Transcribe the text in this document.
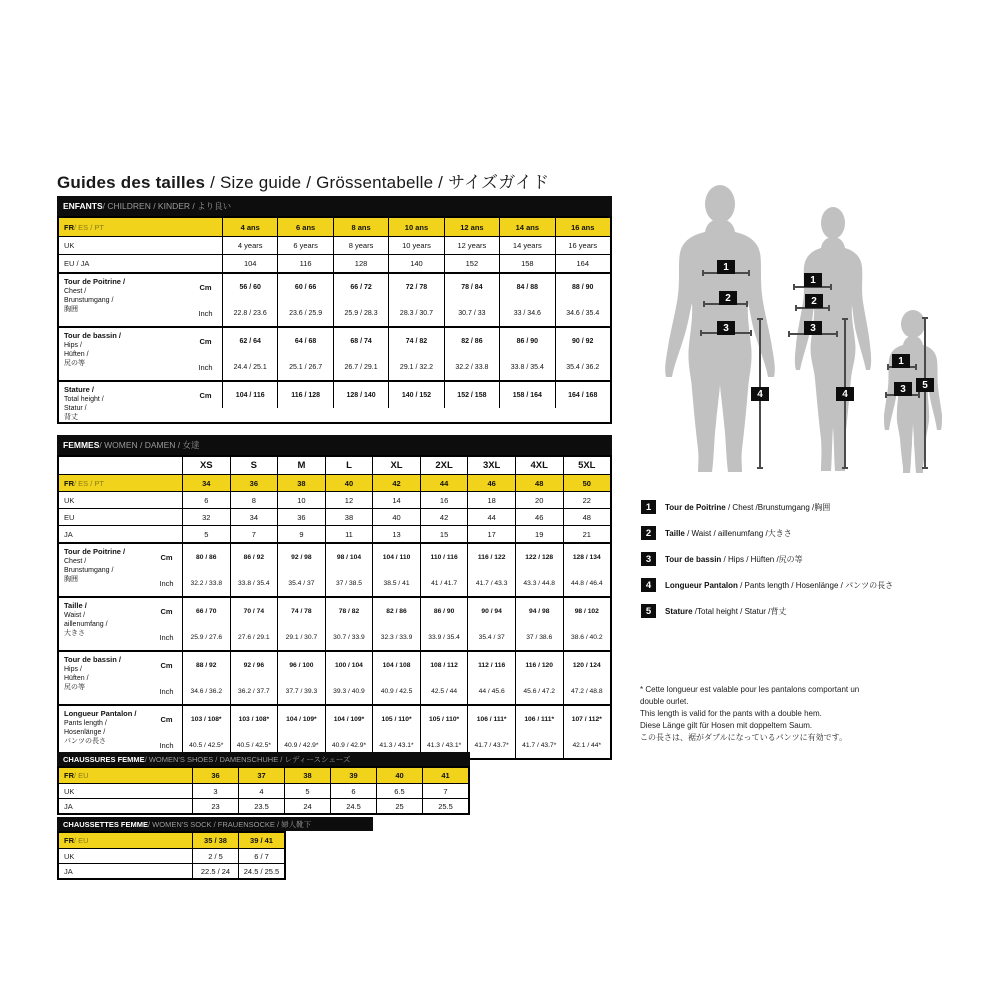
Guides des tailles / Size guide / Grössentabelle / サイズガイド
ENFANTS / CHILDREN / KINDER / より良い
FR / ES / PT	4 ans	6 ans	8 ans	10 ans	12 ans	14 ans	16 ans
UK	4 years	6 years	8 years	10 years	12 years	14 years	16 years
EU / JA	104	116	128	140	152	158	164
Tour de Poitrine /
Chest /
Brunstumgang /
胸囲
Cm	56 / 60	60 / 66	66 / 72	72 / 78	78 / 84	84 / 88	88 / 90
Inch	22.8 / 23.6	23.6 / 25.9	25.9 / 28.3	28.3 / 30.7	30.7 / 33	33 / 34.6	34.6 / 35.4
Tour de bassin /
Hips /
Hüften /
尻の等
Cm	62 / 64	64 / 68	68 / 74	74 / 82	82 / 86	86 / 90	90 / 92
Inch	24.4 / 25.1	25.1 / 26.7	26.7 / 29.1	29.1 / 32.2	32.2 / 33.8	33.8 / 35.4	35.4 / 36.2
Stature /
Total height /
Statur /
背丈
Cm	104 / 116	116 / 128	128 / 140	140 / 152	152 / 158	158 / 164	164 / 168
FEMMES / WOMEN / DAMEN / 女達
XS	S	M	L	XL	2XL	3XL	4XL	5XL
FR / ES / PT	34	36	38	40	42	44	46	48	50
UK	6	8	10	12	14	16	18	20	22
EU	32	34	36	38	40	42	44	46	48
JA	5	7	9	11	13	15	17	19	21
Tour de Poitrine /
Chest /
Brunstumgang /
胸囲
Cm	80 / 86	86 / 92	92 / 98	98 / 104	104 / 110	110 / 116	116 / 122	122 / 128	128 / 134
Inch	32.2 / 33.8	33.8 / 35.4	35.4 / 37	37 / 38.5	38.5 / 41	41 / 41.7	41.7 / 43.3	43.3 / 44.8	44.8 / 46.4
Taille /
Waist /
aillenumfang /
大きさ
Cm	66 / 70	70 / 74	74 / 78	78 / 82	82 / 86	86 / 90	90 / 94	94 / 98	98 / 102
Inch	25.9 / 27.6	27.6 / 29.1	29.1 / 30.7	30.7 / 33.9	32.3 / 33.9	33.9 / 35.4	35.4 / 37	37 / 38.6	38.6 / 40.2
Tour de bassin /
Hips /
Hüften /
尻の等
Cm	88 / 92	92 / 96	96 / 100	100 / 104	104 / 108	108 / 112	112 / 116	116 / 120	120 / 124
Inch	34.6 / 36.2	36.2 / 37.7	37.7 / 39.3	39.3 / 40.9	40.9 / 42.5	42.5 / 44	44 / 45.6	45.6 / 47.2	47.2 / 48.8
Longueur Pantalon /
Pants length /
Hosenlänge /
パンツの長さ
Cm	103 / 108*	103 / 108*	104 / 109*	104 / 109*	105 / 110*	105 / 110*	106 / 111*	106 / 111*	107 / 112*
Inch	40.5 / 42.5*	40.5 / 42.5*	40.9 / 42.9*	40.9 / 42.9*	41.3 / 43.1*	41.3 / 43.1*	41.7 / 43.7*	41.7 / 43.7*	42.1 / 44*
CHAUSSURES FEMME / WOMEN'S SHOES / DAMENSCHUHE / レディースシューズ
FR / EU	36	37	38	39	40	41
UK	3	4	5	6	6.5	7
JA	23	23.5	24	24.5	25	25.5
CHAUSSETTES FEMME / WOMEN'S SOCK / FRAUENSOCKE / 婦人靴下
FR / EU	35 / 38	39 / 41
UK	2 / 5	6 / 7
JA	22.5 / 24	24.5 / 25.5
1
2
3
4
1
2
3
4
1
3	5
1	Tour de Poitrine / Chest /Brunstumgang /胸囲
2	Taille / Waist / aillenumfang /大きさ
3	Tour de bassin / Hips / Hüften /尻の等
4	Longueur Pantalon / Pants length / Hosenlänge / パンツの長さ
5	Stature /Total height / Statur /背丈
* Cette longueur est valable pour les pantalons comportant un
double ourlet.
This length is valid for the pants with a double hem.
Diese Länge gilt für Hosen mit doppeltem Saum.
この長さは、裾がダブルになっているパンツに有効です。
